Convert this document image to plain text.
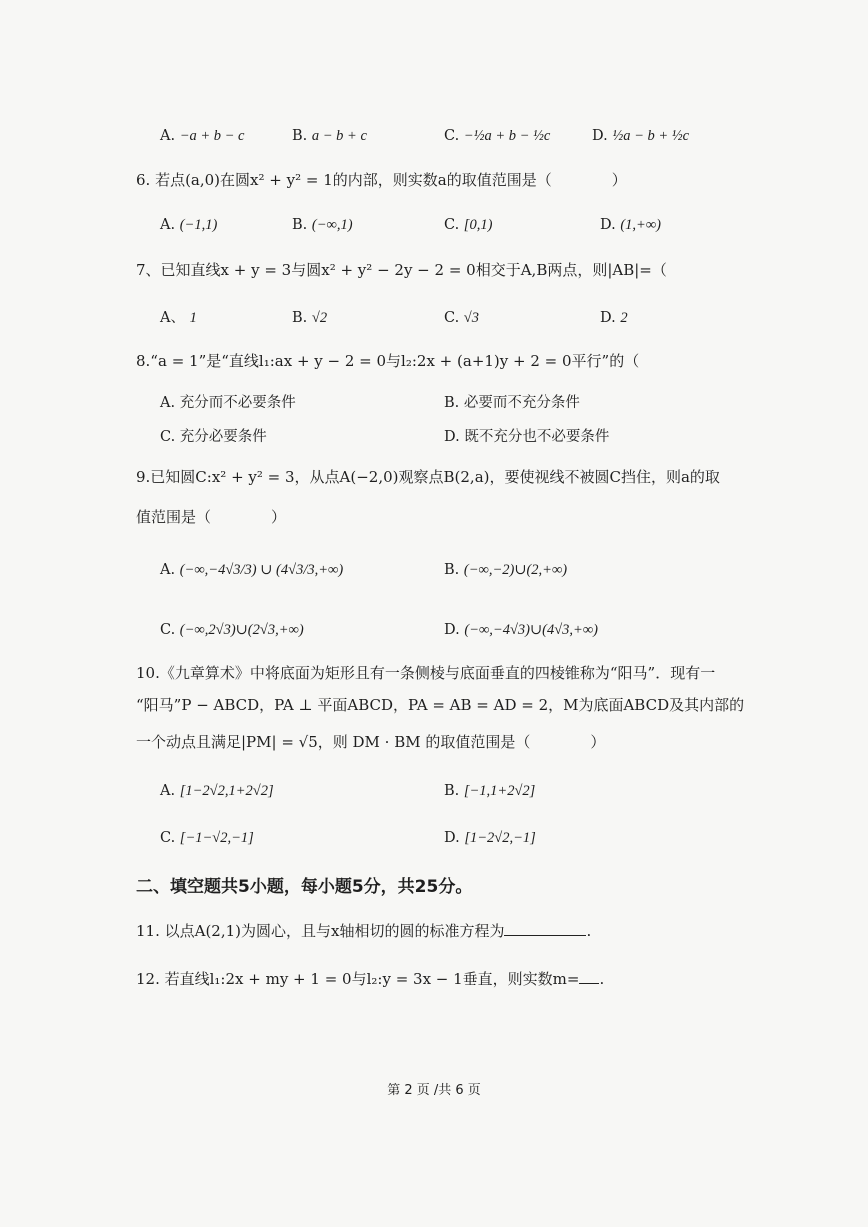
A. −a + b − c	B. a − b + c	C. −½a + b − ½c	D. ½a − b + ½c
6. 若点(a,0)在圆x² + y² = 1的内部，则实数a的取值范围是（　　　　）
A. (−1,1)	B. (−∞,1)	C. [0,1)	D. (1,+∞)
7、已知直线x + y = 3与圆x² + y² − 2y − 2 = 0相交于A,B两点，则|AB|=（
A、 1	B. √2	C. √3	D. 2
8.“a = 1”是“直线l₁:ax + y − 2 = 0与l₂:2x + (a+1)y + 2 = 0平行”的（
A. 充分而不必要条件	B. 必要而不充分条件
C. 充分必要条件	D. 既不充分也不必要条件
9.已知圆C:x² + y² = 3，从点A(−2,0)观察点B(2,a)，要使视线不被圆C挡住，则a的取
值范围是（　　　　）
A. (−∞,−4√3/3) ∪ (4√3/3,+∞)	B. (−∞,−2)∪(2,+∞)
C. (−∞,2√3)∪(2√3,+∞)	D. (−∞,−4√3)∪(4√3,+∞)
10.《九章算术》中将底面为矩形且有一条侧棱与底面垂直的四棱锥称为“阳马”．现有一
“阳马”P − ABCD，PA ⊥ 平面ABCD，PA = AB = AD = 2，M为底面ABCD及其内部的
一个动点且满足|PM| = √5，则 DM · BM 的取值范围是（　　　　）
A. [1−2√2,1+2√2]	B. [−1,1+2√2]
C. [−1−√2,−1]	D. [1−2√2,−1]
二、填空题共5小题，每小题5分，共25分。
11. 以点A(2,1)为圆心，且与x轴相切的圆的标准方程为	.
12. 若直线l₁:2x + my + 1 = 0与l₂:y = 3x − 1垂直，则实数m= .
第 2 页 /共 6 页
